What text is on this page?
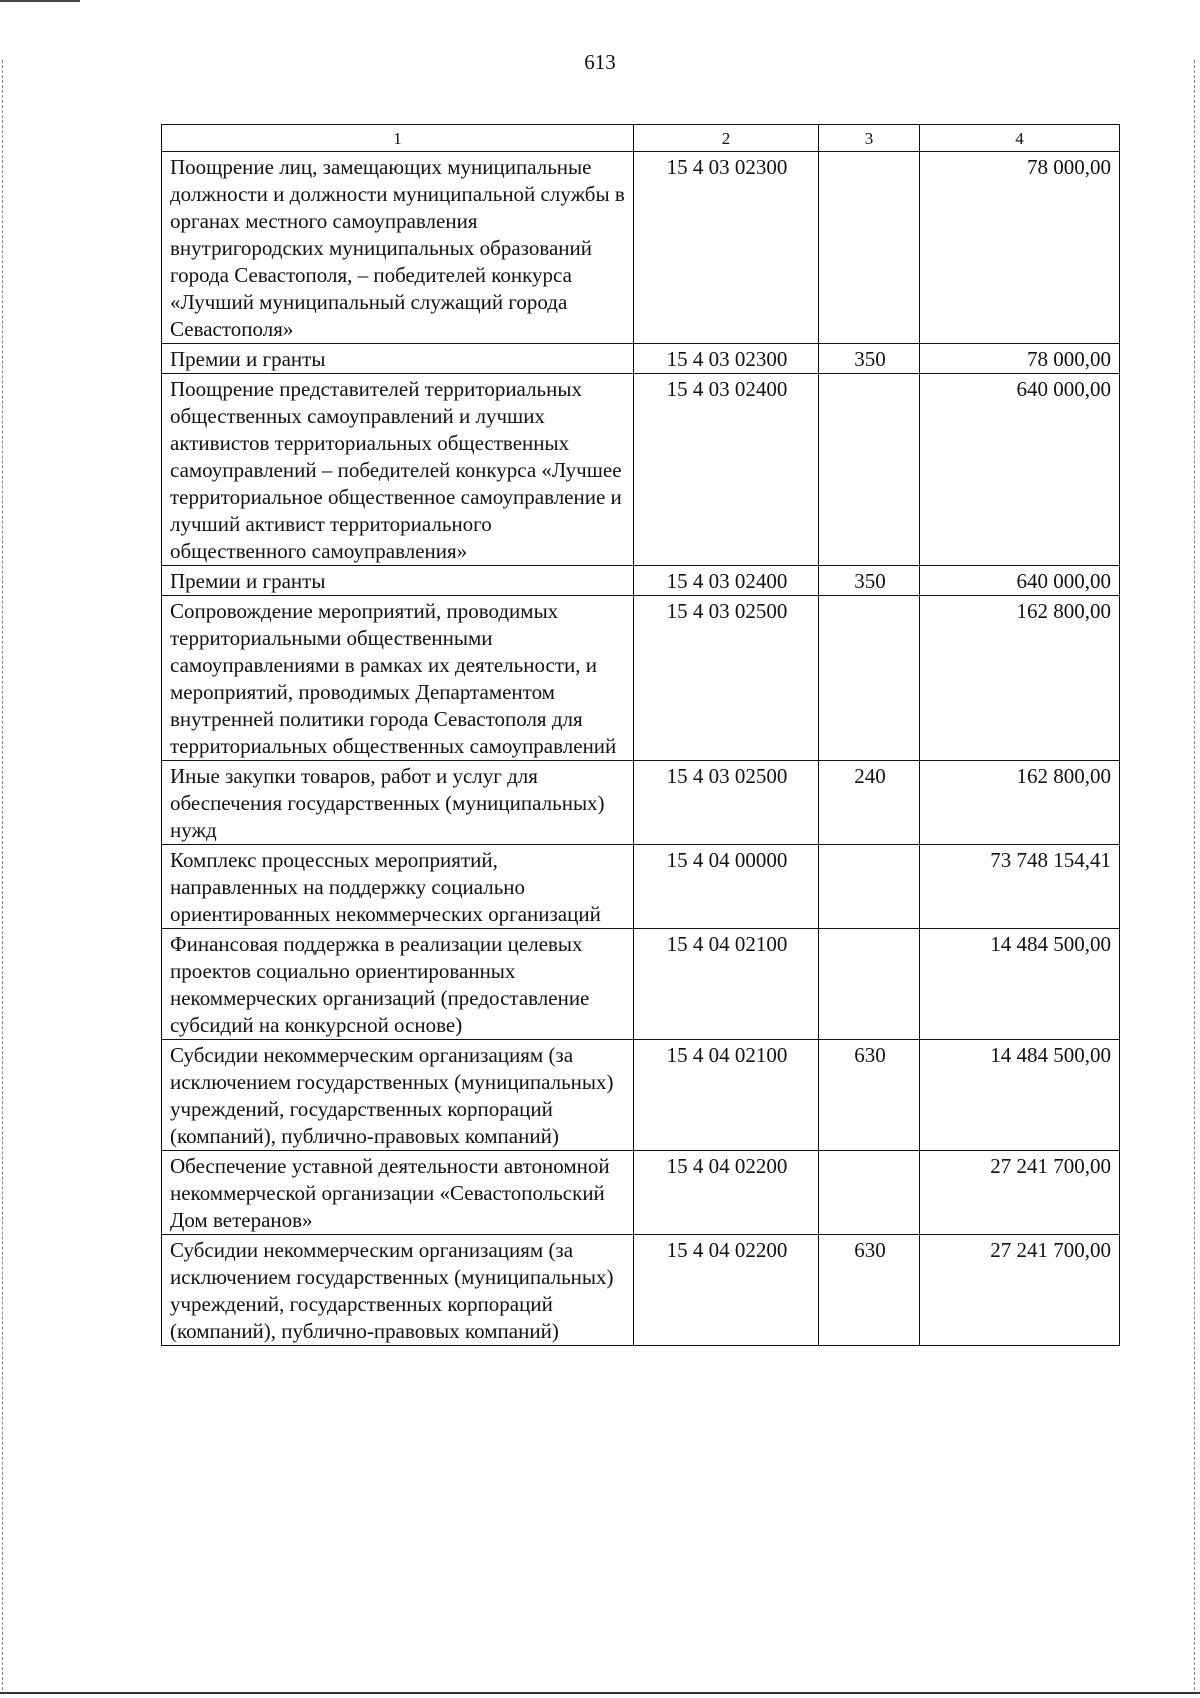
613
1	2	3	4
Поощрение лиц, замещающих муниципальные должности и должности муниципальной службы в органах местного самоуправления внутригородских муниципальных образований города Севастополя, – победителей конкурса «Лучший муниципальный служащий города Севастополя»	15 4 03 02300		78 000,00
Премии и гранты	15 4 03 02300	350	78 000,00
Поощрение представителей территориальных общественных самоуправлений и лучших активистов территориальных общественных самоуправлений – победителей конкурса «Лучшее территориальное общественное самоуправление и лучший активист территориального общественного самоуправления»	15 4 03 02400		640 000,00
Премии и гранты	15 4 03 02400	350	640 000,00
Сопровождение мероприятий, проводимых территориальными общественными самоуправлениями в рамках их деятельности, и мероприятий, проводимых Департаментом внутренней политики города Севастополя для территориальных общественных самоуправлений	15 4 03 02500		162 800,00
Иные закупки товаров, работ и услуг для обеспечения государственных (муниципальных) нужд	15 4 03 02500	240	162 800,00
Комплекс процессных мероприятий, направленных на поддержку социально ориентированных некоммерческих организаций	15 4 04 00000		73 748 154,41
Финансовая поддержка в реализации целевых проектов социально ориентированных некоммерческих организаций (предоставление субсидий на конкурсной основе)	15 4 04 02100		14 484 500,00
Субсидии некоммерческим организациям (за исключением государственных (муниципальных) учреждений, государственных корпораций (компаний), публично-правовых компаний)	15 4 04 02100	630	14 484 500,00
Обеспечение уставной деятельности автономной некоммерческой организации «Севастопольский Дом ветеранов»	15 4 04 02200		27 241 700,00
Субсидии некоммерческим организациям (за исключением государственных (муниципальных) учреждений, государственных корпораций (компаний), публично-правовых компаний)	15 4 04 02200	630	27 241 700,00
